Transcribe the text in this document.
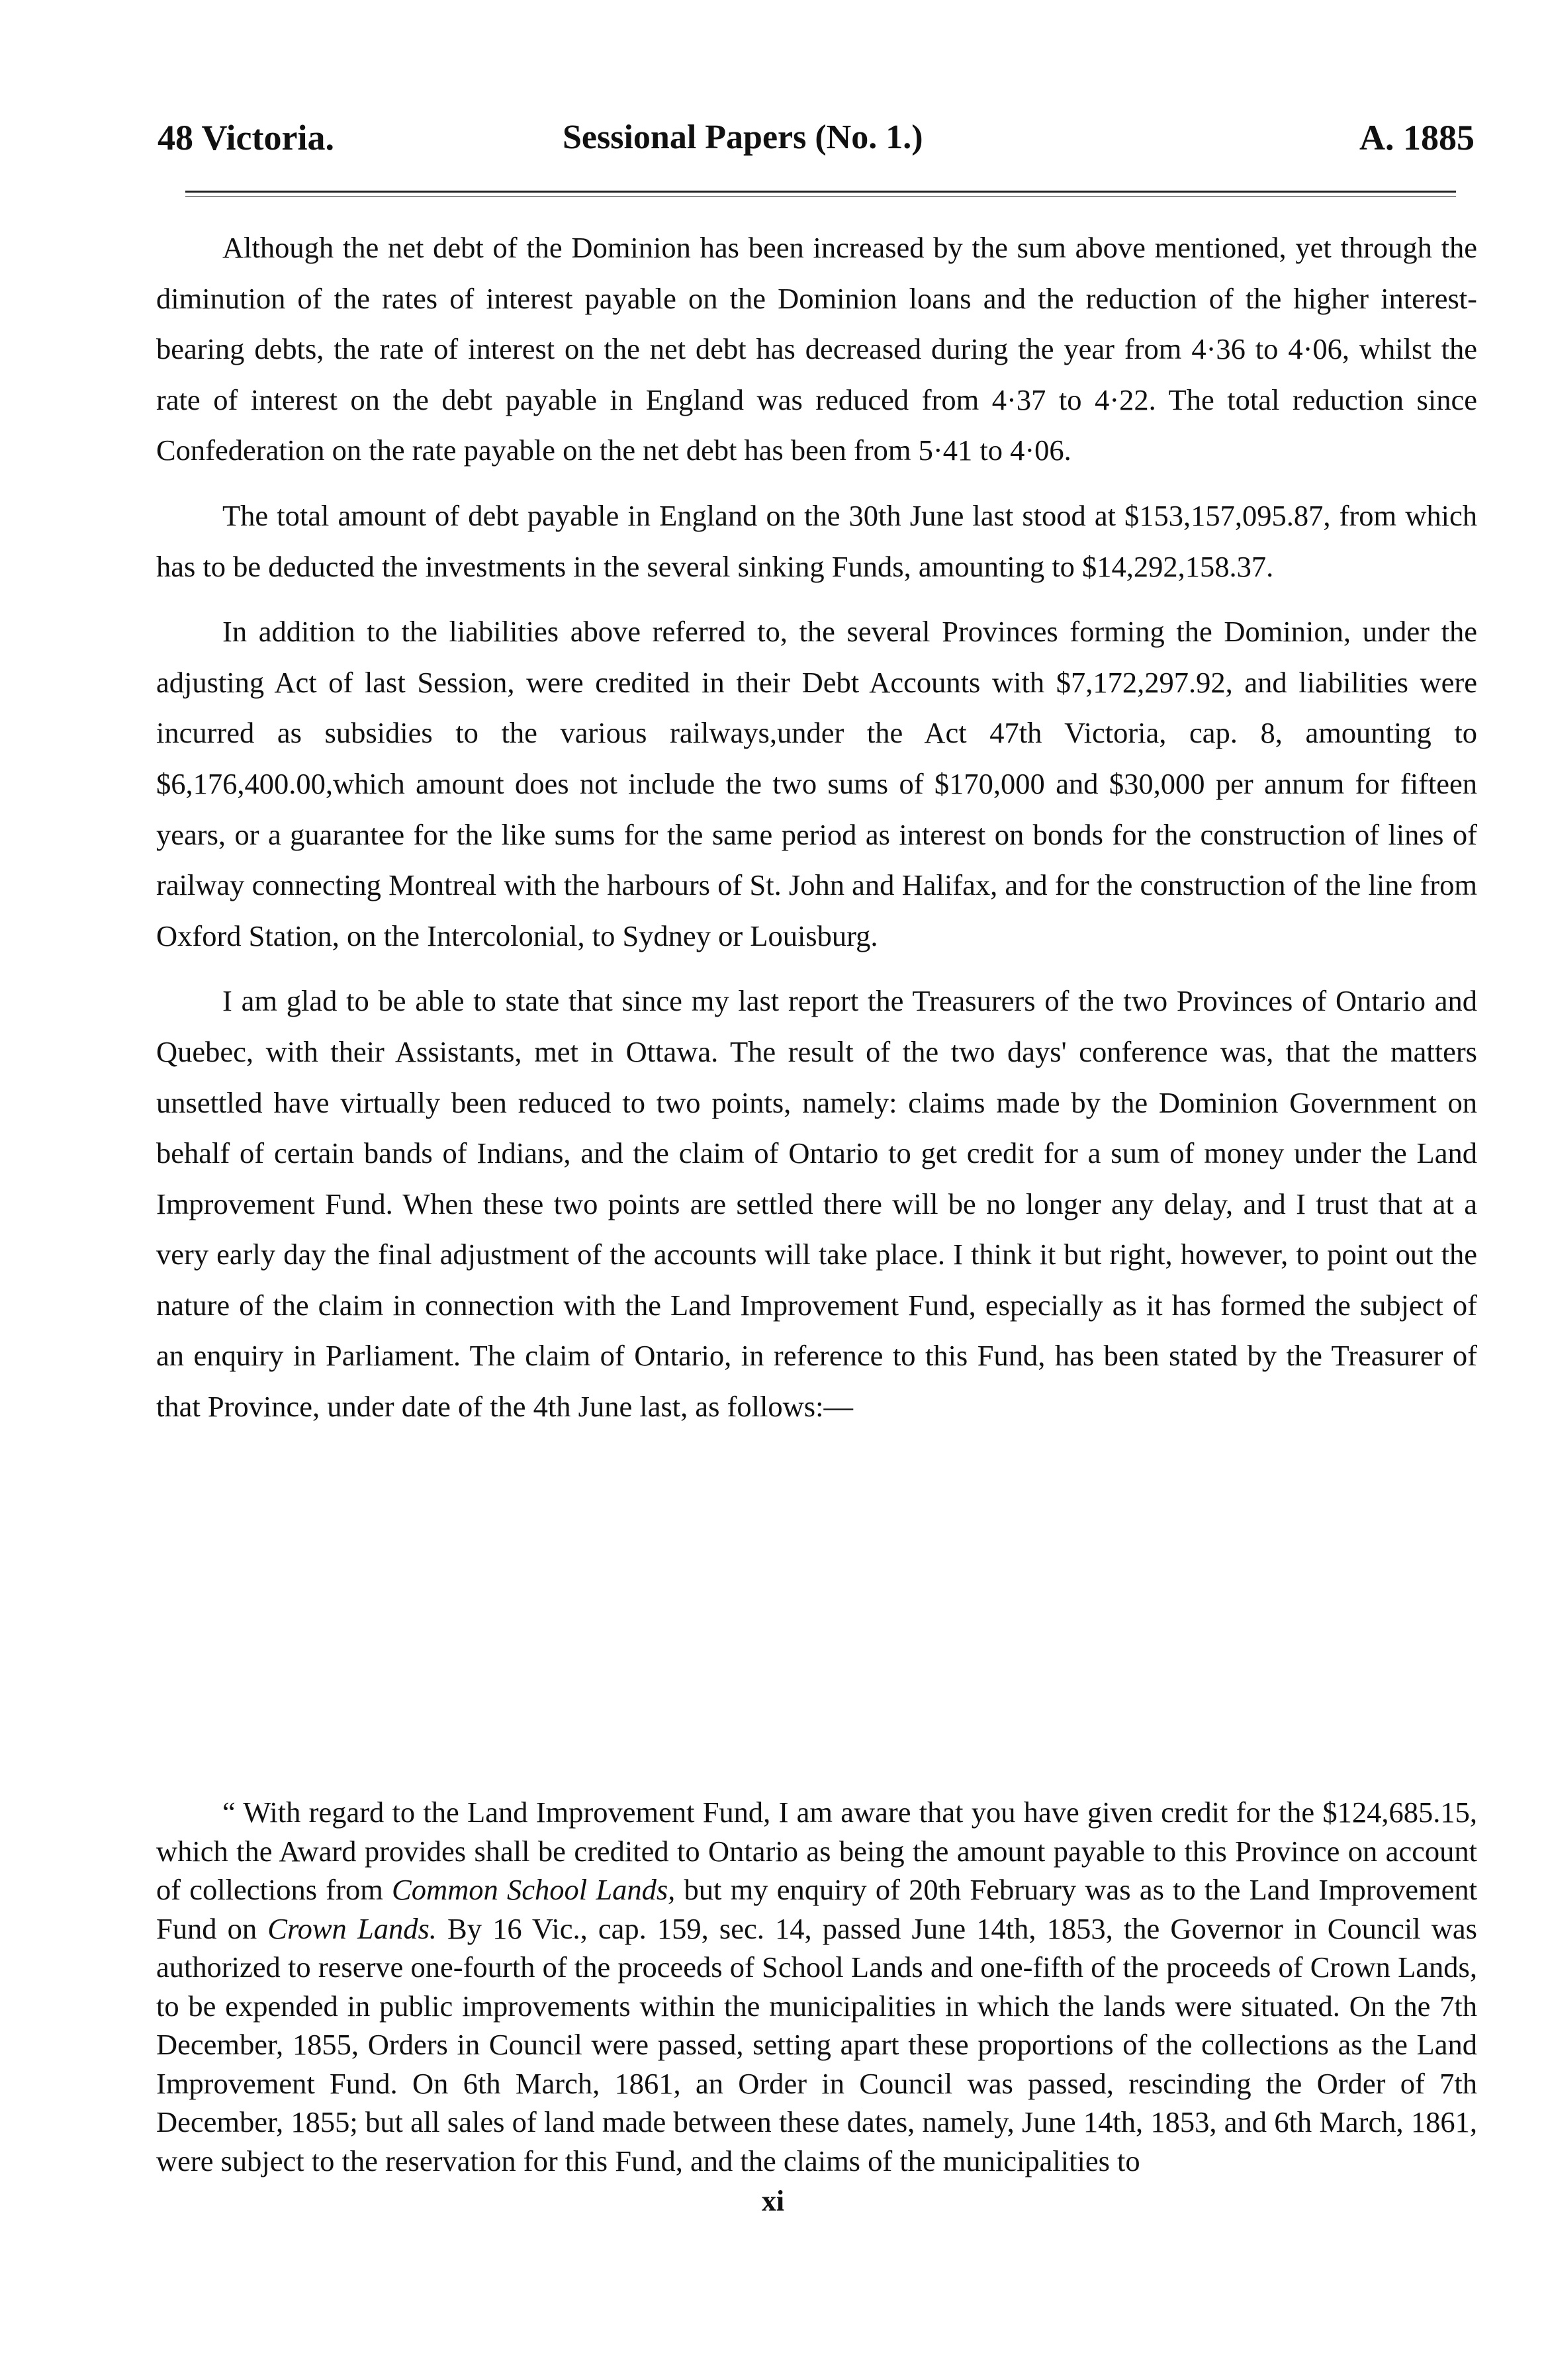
48 Victoria.	Sessional Papers (No. 1.)	A. 1885

Although the net debt of the Dominion has been increased by the sum above mentioned, yet through the diminution of the rates of interest payable on the Dominion loans and the reduction of the higher interest-bearing debts, the rate of interest on the net debt has decreased during the year from 4·36 to 4·06, whilst the rate of interest on the debt payable in England was reduced from 4·37 to 4·22. The total reduction since Confederation on the rate payable on the net debt has been from 5·41 to 4·06.

The total amount of debt payable in England on the 30th June last stood at $153,157,095.87, from which has to be deducted the investments in the several sinking Funds, amounting to $14,292,158.37.

In addition to the liabilities above referred to, the several Provinces forming the Dominion, under the adjusting Act of last Session, were credited in their Debt Accounts with $7,172,297.92, and liabilities were incurred as subsidies to the various railways,under the Act 47th Victoria, cap. 8, amounting to $6,176,400.00,which amount does not include the two sums of $170,000 and $30,000 per annum for fifteen years, or a guarantee for the like sums for the same period as interest on bonds for the construction of lines of railway connecting Montreal with the harbours of St. John and Halifax, and for the construction of the line from Oxford Station, on the Intercolonial, to Sydney or Louisburg.

I am glad to be able to state that since my last report the Treasurers of the two Provinces of Ontario and Quebec, with their Assistants, met in Ottawa. The result of the two days' conference was, that the matters unsettled have virtually been reduced to two points, namely: claims made by the Dominion Government on behalf of certain bands of Indians, and the claim of Ontario to get credit for a sum of money under the Land Improvement Fund. When these two points are settled there will be no longer any delay, and I trust that at a very early day the final adjustment of the accounts will take place. I think it but right, however, to point out the nature of the claim in connection with the Land Improvement Fund, especially as it has formed the subject of an enquiry in Parliament. The claim of Ontario, in reference to this Fund, has been stated by the Treasurer of that Province, under date of the 4th June last, as follows:—

“ With regard to the Land Improvement Fund, I am aware that you have given credit for the $124,685.15, which the Award provides shall be credited to Ontario as being the amount payable to this Province on account of collections from Common School Lands, but my enquiry of 20th February was as to the Land Improvement Fund on Crown Lands. By 16 Vic., cap. 159, sec. 14, passed June 14th, 1853, the Governor in Council was authorized to reserve one-fourth of the proceeds of School Lands and one-fifth of the proceeds of Crown Lands, to be expended in public improvements within the municipalities in which the lands were situated. On the 7th December, 1855, Orders in Council were passed, setting apart these proportions of the collections as the Land Improvement Fund. On 6th March, 1861, an Order in Council was passed, rescinding the Order of 7th December, 1855; but all sales of land made between these dates, namely, June 14th, 1853, and 6th March, 1861, were subject to the reservation for this Fund, and the claims of the municipalities to

xi
